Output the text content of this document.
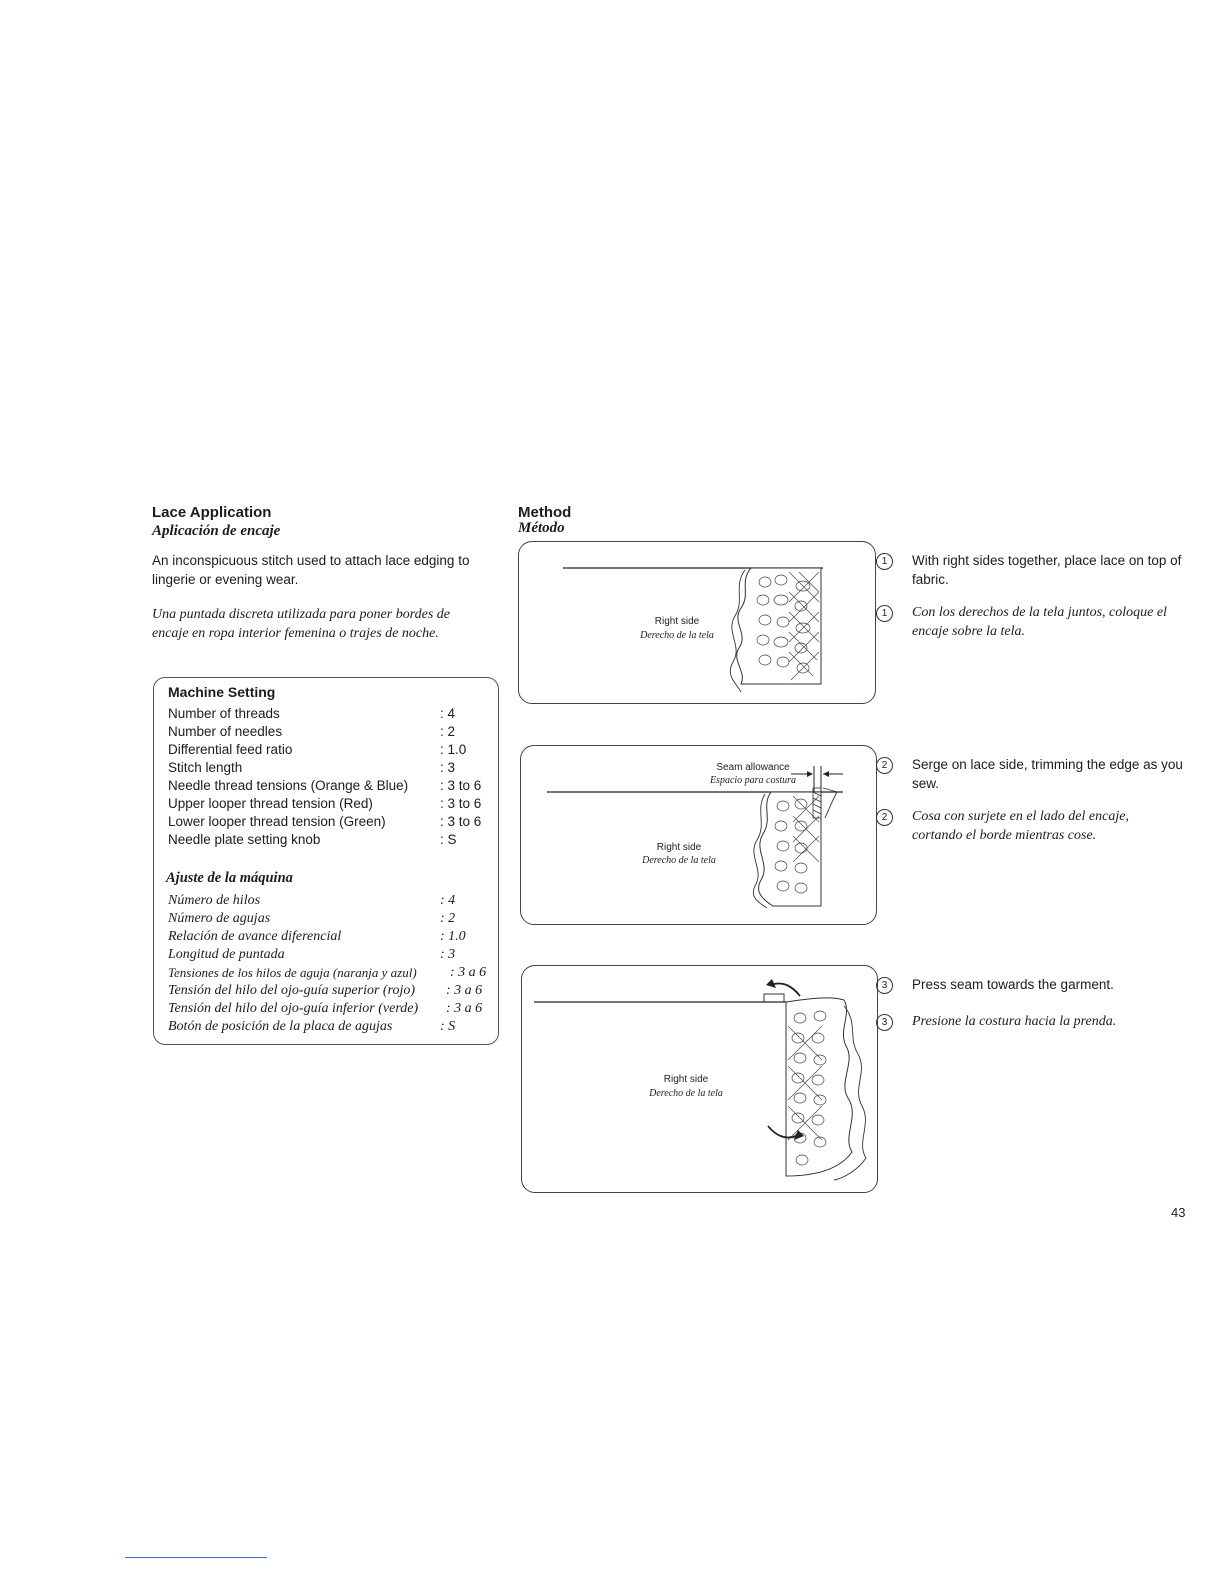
Lace Application
Aplicación de encaje
An inconspicuous stitch used to attach lace edging to
lingerie or evening wear.
Una puntada discreta utilizada para poner bordes de
encaje en ropa interior femenina o trajes de noche.
Machine Setting
Number of threads	: 4
Number of needles	: 2
Differential feed ratio	: 1.0
Stitch length	: 3
Needle thread tensions (Orange & Blue) : 3 to 6
Upper looper thread tension (Red)	: 3 to 6
Lower looper thread tension (Green)	: 3 to 6
Needle plate setting knob	: S
Ajuste de la máquina
Número de hilos	: 4
Número de agujas	: 2
Relación de avance diferencial	: 1.0
Longitud de puntada	: 3
Tensiones de los hilos de aguja (naranja y azul) : 3 a 6
Tensión del hilo del ojo-guía superior (rojo) : 3 a 6
Tensión del hilo del ojo-guía inferior (verde) : 3 a 6
Botón de posición de la placa de agujas	: S
Method
Método
Right side
Derecho de la tela
Seam allowance
Espacio para costura
Right side
Derecho de la tela
Right side
Derecho de la tela
1	With right sides together, place lace on top of
fabric.
1	Con los derechos de la tela juntos, coloque el
encaje sobre la tela.
2	Serge on lace side, trimming the edge as you
sew.
2	Cosa con surjete en el lado del encaje,
cortando el borde mientras cose.
3	Press seam towards the garment.
3	Presione la costura hacia la prenda.
43
